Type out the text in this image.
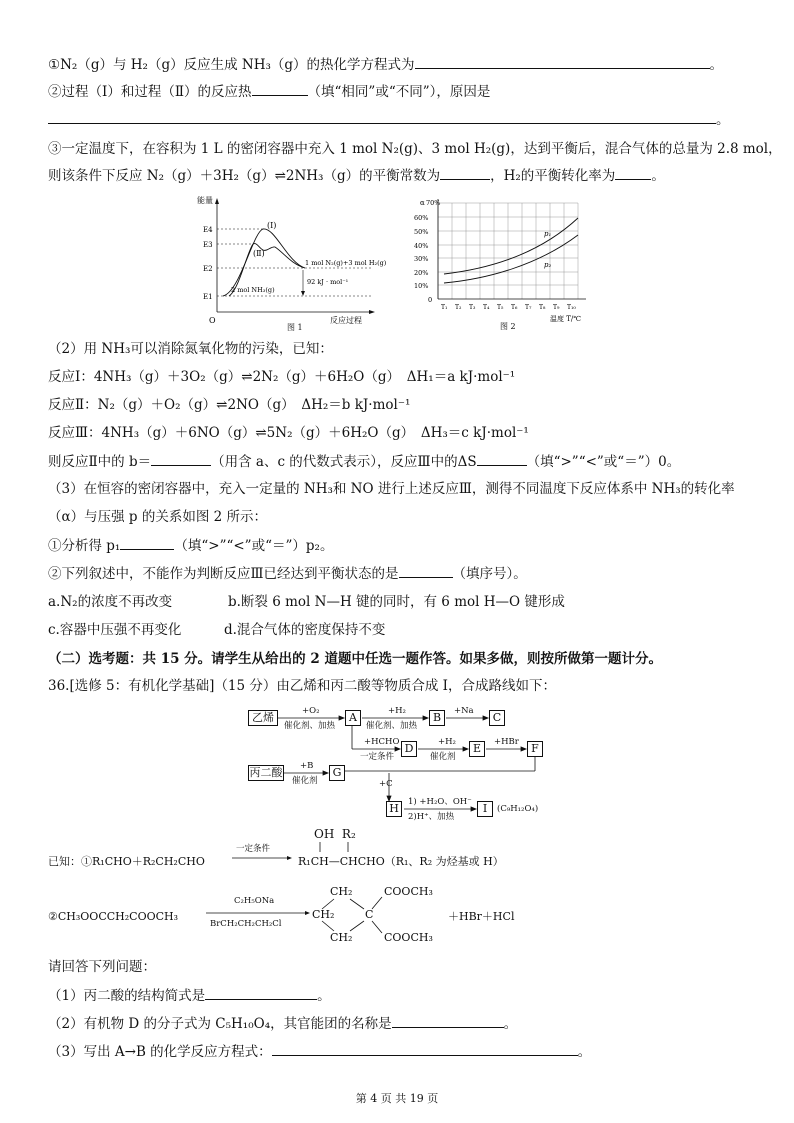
①N₂（g）与 H₂（g）反应生成 NH₃（g）的热化学方程式为	。
②过程（Ⅰ）和过程（Ⅱ）的反应热	（填“相同”或“不同”），原因是
。
③一定温度下，在容积为 1 L 的密闭容器中充入 1 mol N₂(g)、3 mol H₂(g)，达到平衡后，混合气体的总量为 2.8 mol，
则该条件下反应 N₂（g）＋3H₂（g）⇌2NH₃（g）的平衡常数为	，H₂的平衡转化率为	。
能量
O	反应过程
E4
E3
E2
E1
(Ⅰ)
(Ⅱ)
1 mol N₂(g)+3 mol H₂(g)
2 mol NH₃(g)
92 kJ · mol⁻¹
图 1
α 70%
60%
50%
40%
30%
20%
10%
0
T₁ T₂ T₃ T₄ T₅ T₆ T₇ T₈ T₉ T₁₀
p₁
p₂
温度 T/℃
图 2
（2）用 NH₃可以消除氮氧化物的污染，已知：
反应Ⅰ：4NH₃（g）＋3O₂（g）⇌2N₂（g）＋6H₂O（g）　ΔH₁＝a kJ·mol⁻¹
反应Ⅱ：N₂（g）＋O₂（g）⇌2NO（g）　ΔH₂＝b kJ·mol⁻¹
反应Ⅲ：4NH₃（g）＋6NO（g）⇌5N₂（g）＋6H₂O（g）　ΔH₃＝c kJ·mol⁻¹
则反应Ⅱ中的 b＝	（用含 a、c 的代数式表示），反应Ⅲ中的ΔS	（填“>”“<”或“＝”）0。
（3）在恒容的密闭容器中，充入一定量的 NH₃和 NO 进行上述反应Ⅲ，测得不同温度下反应体系中 NH₃的转化率
（α）与压强 p 的关系如图 2 所示：
①分析得 p₁	（填“>”“<”或“＝”）p₂。
②下列叙述中，不能作为判断反应Ⅲ已经达到平衡状态的是	（填序号）。
a.N₂的浓度不再改变	b.断裂 6 mol N—H 键的同时，有 6 mol H—O 键形成
c.容器中压强不再变化	d.混合气体的密度保持不变
（二）选考题：共 15 分。请学生从给出的 2 道题中任选一题作答。如果多做，则按所做第一题计分。
36.[选修 5：有机化学基础]（15 分）由乙烯和丙二酸等物质合成 I，合成路线如下：
乙烯	A	B	C
D	E	F
丙二酸	G
H	I	(C₉H₁₂O₄)
+O₂
催化剂、加热
+H₂
催化剂、加热
+Na
+HCHO
一定条件
+H₂
催化剂
+HBr
+B
催化剂	+C
1) +H₂O、OH⁻
2)H⁺、加热
OH  R₂
已知：①R₁CHO＋R₂CH₂CHO
一定条件
R₁CH—CHCHO（R₁、R₂ 为烃基或 H）
②CH₃OOCCH₂COOCH₃
C₂H₅ONa
BrCH₂CH₂CH₂Cl
CH₂
CH₂
CH₂
C
COOCH₃
COOCH₃
＋HBr＋HCl
请回答下列问题：
（1）丙二酸的结构简式是	。
（2）有机物 D 的分子式为 C₅H₁₀O₄，其官能团的名称是	。
（3）写出 A→B 的化学反应方程式：	。
第 4 页 共 19 页
